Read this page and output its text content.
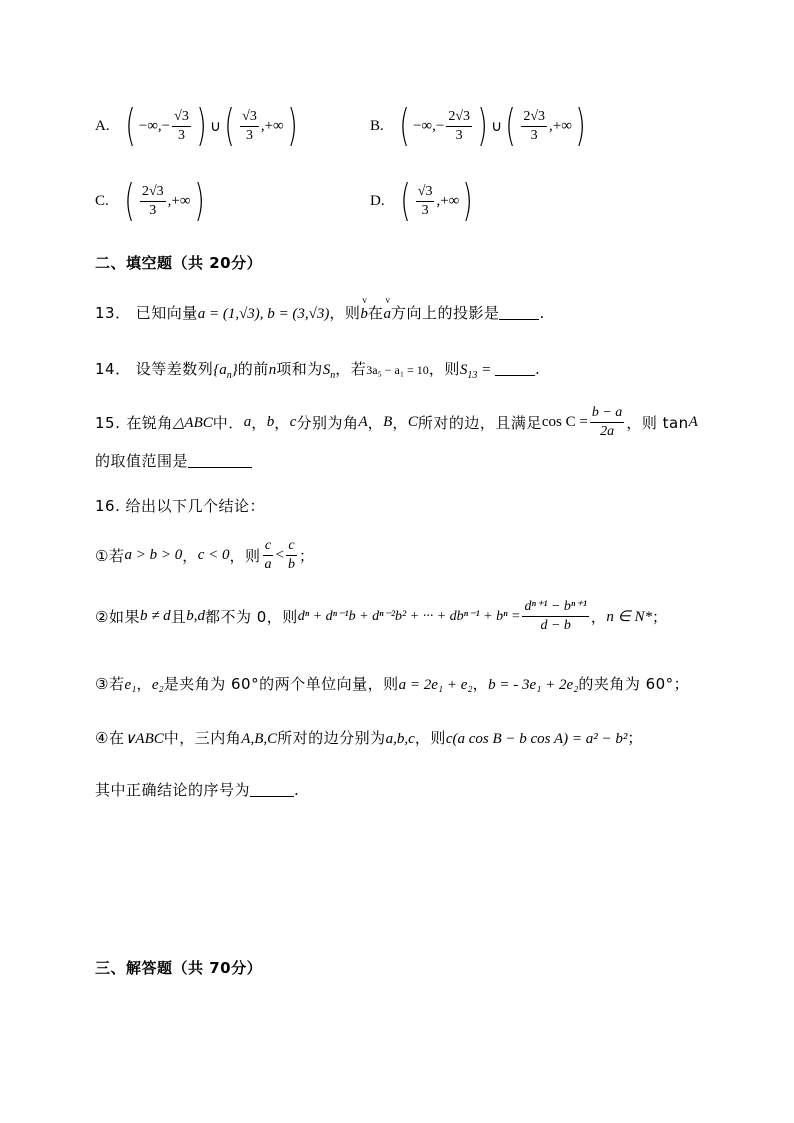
A. ( −∞,− $\frac{√3}{3}$ ) ∪ ( $\frac{√3}{3}$ ,+∞ )	B. ( −∞,− $\frac{2√3}{3}$ ) ∪ ( $\frac{2√3}{3}$ ,+∞ )
C. ( $\frac{2√3}{3}$ ,+∞ )	D. ( $\frac{√3}{3}$ ,+∞ )
二、填空题（共 20分）
13． 已知向量a = (1,√3), b = (3,√3)，则v b在v a方向上的投影是	.
14． 设等差数列$\{a_n\}$的前n项和为$S_n$，若3a₅ − a₁ = 10，则$S_{13}$ =	.
15. 在锐角 △ABC 中． a ， b ， c 分别为角 A ， B ， C 所对的边，且满足 $\cos C = \frac{b - a}{2a}$ ，则 tan A
的取值范围是
16. 给出以下几个结论：
①若 a > b > 0 ， c < 0 ，则 $\frac{c}{a} < \frac{c}{b}$ ；
②如果 b ≠ d 且 b,d 都不为 0，则 dⁿ + dⁿ⁻¹b + dⁿ⁻²b² + ··· + $db^{n-1} + b^n = \frac{\text{dⁿ⁺¹ − bⁿ⁺¹}}{d - b}$ ， n ∈ N* ；
③若e₁，e₂是夹角为 60°的两个单位向量，则a = 2e₁ + e₂，b = - 3e₁ + 2e₂的夹角为 60°；
④在∨ABC中，三内角A,B,C所对的边分别为a,b,c，则c(a cos B − b cos A) = a² − b²；
其中正确结论的序号为	.
三、解答题（共 70分）
